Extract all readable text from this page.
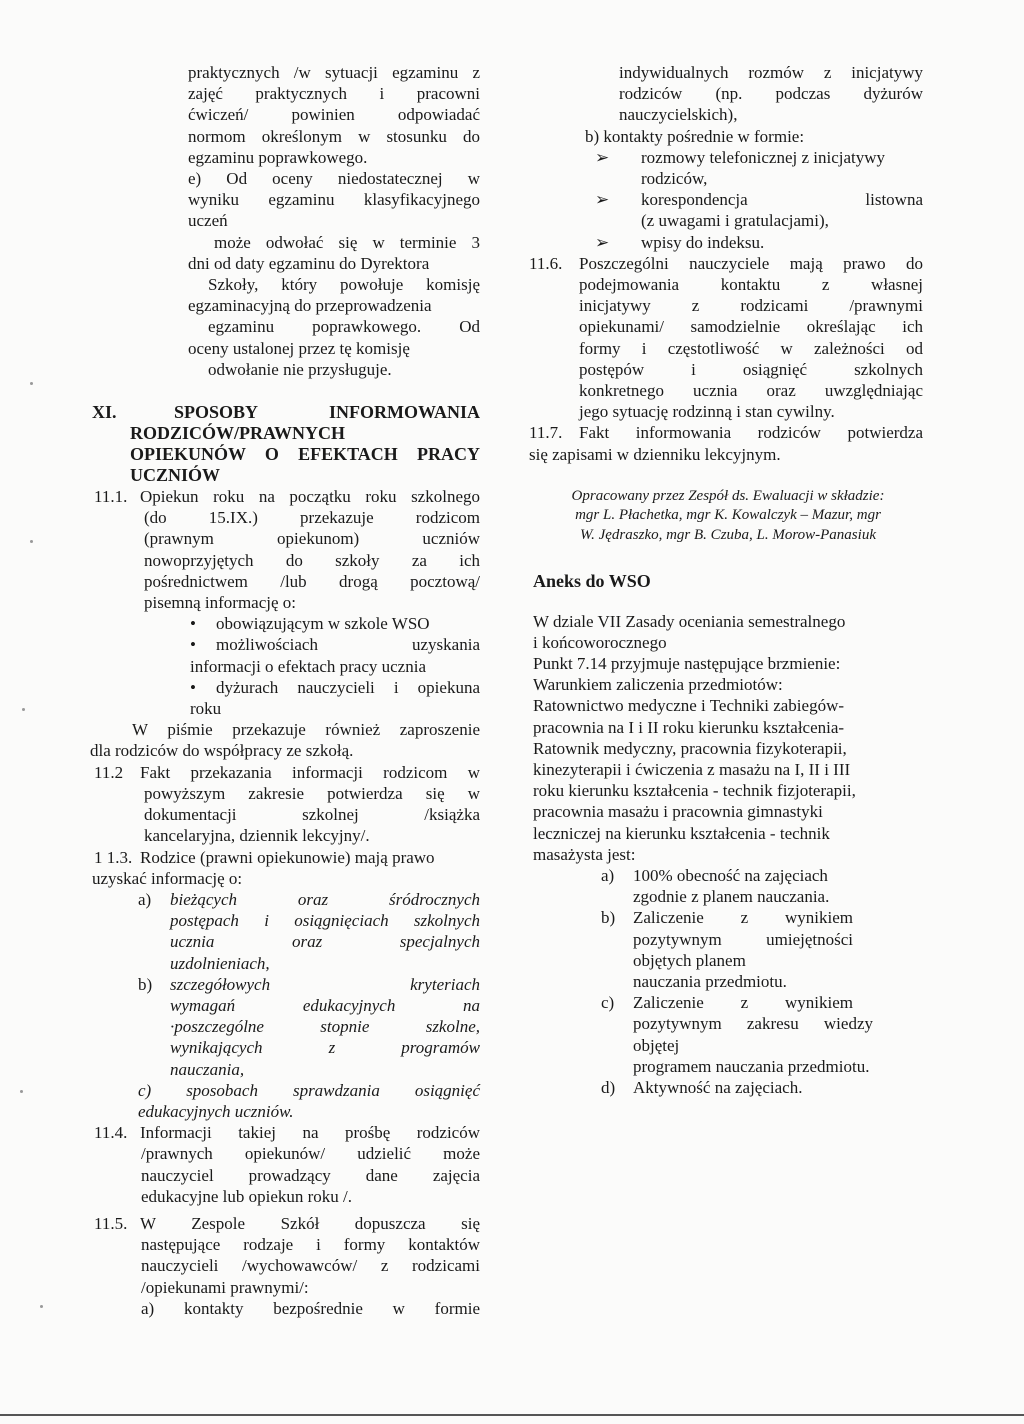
praktycznych /w sytuacji egzaminu z

zajęć praktycznych i pracowni

ćwiczeń/ powinien odpowiadać

normom określonym w stosunku do

egzaminu poprawkowego.

e) Od oceny niedostatecznej w

wyniku egzaminu klasyfikacyjnego

uczeń

może odwołać się w terminie 3

dni od daty egzaminu do Dyrektora

Szkoły, który powołuje komisję

egzaminacyjną do przeprowadzenia

egzaminu poprawkowego. Od

oceny ustalonej przez tę komisję

odwołanie nie przysługuje.

XI.	SPOSOBY INFORMOWANIA
RODZICÓW/PRAWNYCH
OPIEKUNÓW O EFEKTACH PRACY
UCZNIÓW
11.1. Opiekun roku na początku roku szkolnego

(do 15.IX.) przekazuje rodzicom

(prawnym opiekunom) uczniów

nowoprzyjętych do szkoły za ich

pośrednictwem /lub drogą pocztową/

pisemną informację o:

• obowiązującym w szkole WSO

• możliwościach uzyskania

informacji o efektach pracy ucznia

• dyżurach nauczycieli i opiekuna

roku

W piśmie przekazuje również zaproszenie

dla rodziców do współpracy ze szkołą.

11.2 Fakt przekazania informacji rodzicom w

powyższym zakresie potwierdza się w

dokumentacji szkolnej /książka

kancelaryjna, dziennik lekcyjny/.

1 1.3. Rodzice (prawni opiekunowie) mają prawo

uzyskać informację o:

a)	bieżących oraz śródrocznych

postępach i osiągnięciach szkolnych

ucznia oraz specjalnych

uzdolnieniach,

b)	szczegółowych kryteriach

wymagań edukacyjnych na

·poszczególne stopnie szkolne,

wynikających z programów

nauczania,

c) sposobach sprawdzania osiągnięć

edukacyjnych uczniów.

11.4. Informacji takiej na prośbę rodziców

/prawnych opiekunów/ udzielić może

nauczyciel prowadzący dane zajęcia

edukacyjne lub opiekun roku /.

11.5. W Zespole Szkół dopuszcza się

następujące rodzaje i formy kontaktów

nauczycieli /wychowawców/ z rodzicami

/opiekunami prawnymi/:

a) kontakty bezpośrednie w formie

indywidualnych rozmów z inicjatywy

rodziców (np. podczas dyżurów

nauczycielskich),

b) kontakty pośrednie w formie:

➢	rozmowy telefonicznej z inicjatywy

rodziców,

➢	korespondencja listowna

(z uwagami i gratulacjami),

➢	wpisy do indeksu.

11.6. Poszczególni nauczyciele mają prawo do

podejmowania kontaktu z własnej

inicjatywy z rodzicami /prawnymi

opiekunami/ samodzielnie określając ich

formy i częstotliwość w zależności od

postępów i osiągnięć szkolnych

konkretnego ucznia oraz uwzględniając

jego sytuację rodzinną i stan cywilny.

11.7. Fakt informowania rodziców potwierdza

się zapisami w dzienniku lekcyjnym.

Opracowany przez Zespół ds. Ewaluacji w składzie:

mgr L. Płachetka, mgr K. Kowalczyk – Mazur, mgr

W. Jędraszko, mgr B. Czuba, L. Morow-Panasiuk

Aneks do WSO

W dziale VII Zasady oceniania semestralnego

i końcoworocznego

Punkt 7.14 przyjmuje następujące brzmienie:

Warunkiem zaliczenia przedmiotów:

Ratownictwo medyczne i Techniki zabiegów-

pracownia na I i II roku kierunku kształcenia-

Ratownik medyczny, pracownia fizykoterapii,

kinezyterapii i ćwiczenia z masażu na I, II i III

roku kierunku kształcenia - technik fizjoterapii,

pracownia masażu i pracownia gimnastyki

leczniczej na kierunku kształcenia - technik

masażysta jest:

a)	100% obecność na zajęciach

zgodnie z planem nauczania.

b)	Zaliczenie z wynikiem

pozytywnym umiejętności

objętych planem

nauczania przedmiotu.

c)	Zaliczenie z wynikiem

pozytywnym zakresu wiedzy

objętej

programem nauczania przedmiotu.

d)	Aktywność na zajęciach.
